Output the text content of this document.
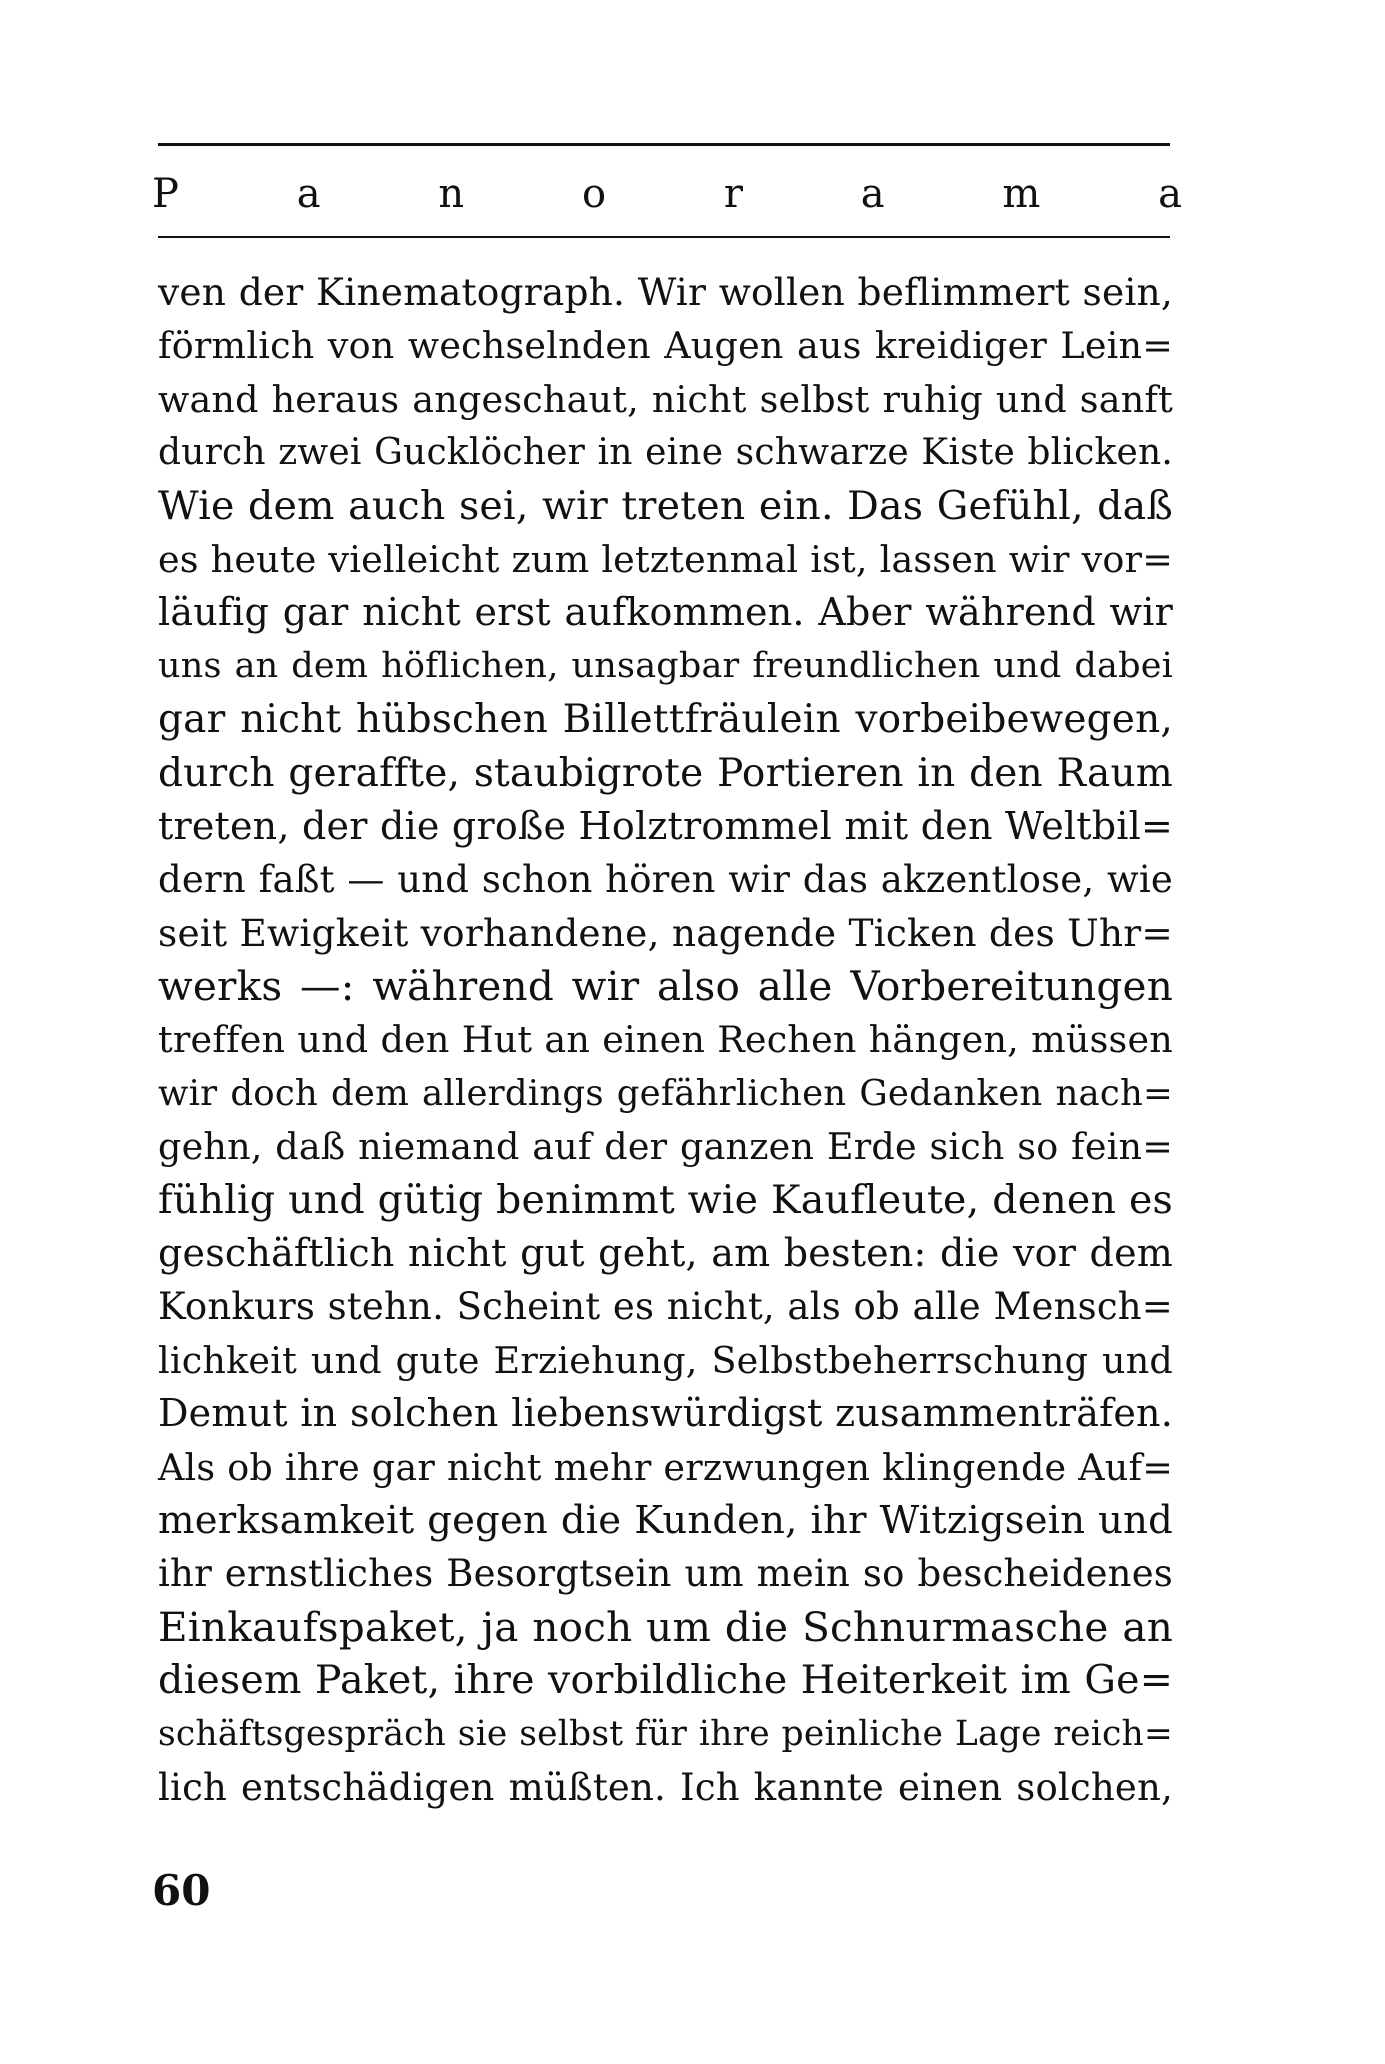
P	a	n	o	r	a	m	a
ven der Kinematograph. Wir wollen beflimmert sein,
förmlich von wechselnden Augen aus kreidiger Lein=
wand heraus angeschaut, nicht selbst ruhig und sanft
durch zwei Gucklöcher in eine schwarze Kiste blicken.
Wie dem auch sei, wir treten ein. Das Gefühl, daß
es heute vielleicht zum letztenmal ist, lassen wir vor=
läufig gar nicht erst aufkommen. Aber während wir
uns an dem höflichen, unsagbar freundlichen und dabei
gar nicht hübschen Billettfräulein vorbeibewegen,
durch geraffte, staubigrote Portieren in den Raum
treten, der die große Holztrommel mit den Weltbil=
dern faßt — und schon hören wir das akzentlose, wie
seit Ewigkeit vorhandene, nagende Ticken des Uhr=
werks —: während wir also alle Vorbereitungen
treffen und den Hut an einen Rechen hängen, müssen
wir doch dem allerdings gefährlichen Gedanken nach=
gehn, daß niemand auf der ganzen Erde sich so fein=
fühlig und gütig benimmt wie Kaufleute, denen es
geschäftlich nicht gut geht, am besten: die vor dem
Konkurs stehn. Scheint es nicht, als ob alle Mensch=
lichkeit und gute Erziehung, Selbstbeherrschung und
Demut in solchen liebenswürdigst zusammenträfen.
Als ob ihre gar nicht mehr erzwungen klingende Auf=
merksamkeit gegen die Kunden, ihr Witzigsein und
ihr ernstliches Besorgtsein um mein so bescheidenes
Einkaufspaket, ja noch um die Schnurmasche an
diesem Paket, ihre vorbildliche Heiterkeit im Ge=
schäftsgespräch sie selbst für ihre peinliche Lage reich=
lich entschädigen müßten. Ich kannte einen solchen,
60
